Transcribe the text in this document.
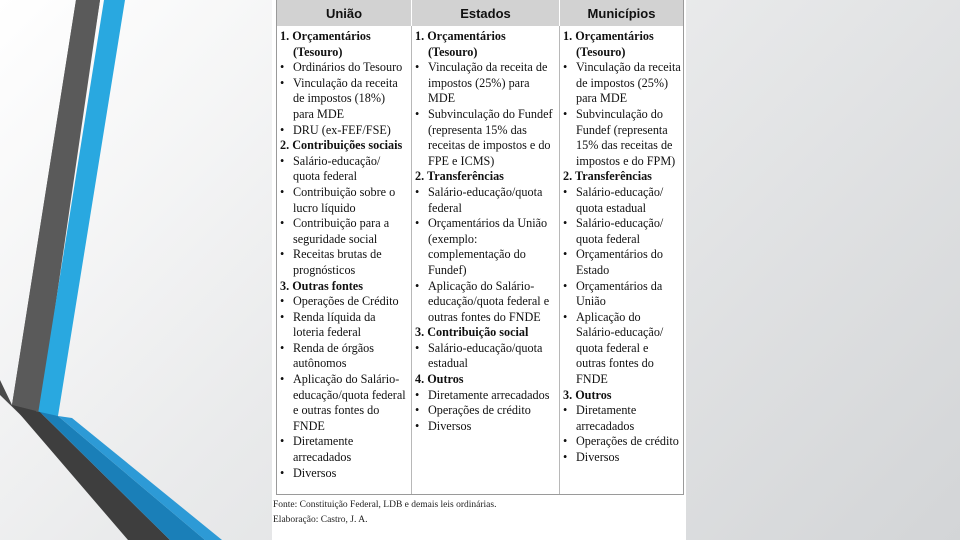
União	Estados	Municípios
1. Orçamentários (Tesouro)
• Ordinários do Tesouro
• Vinculação da receita de impostos (18%) para MDE
• DRU (ex-FEF/FSE)
2. Contribuições sociais
• Salário-educação/ quota federal
• Contribuição sobre o lucro líquido
• Contribuição para a seguridade social
• Receitas brutas de prognósticos
3. Outras fontes
• Operações de Crédito
• Renda líquida da loteria federal
• Renda de órgãos autônomos
• Aplicação do Salário-educação/quota federal e outras fontes do FNDE
• Diretamente arrecadados
• Diversos
1. Orçamentários (Tesouro)
• Vinculação da receita de impostos (25%) para MDE
• Subvinculação do Fundef (representa 15% das receitas de impostos e do FPE e ICMS)
2. Transferências
• Salário-educação/quota federal
• Orçamentários da União (exemplo: complementação do Fundef)
• Aplicação do Salário-educação/quota federal e outras fontes do FNDE
3. Contribuição social
• Salário-educação/quota estadual
4. Outros
• Diretamente arrecadados
• Operações de crédito
• Diversos
1. Orçamentários (Tesouro)
• Vinculação da receita de impostos (25%) para MDE
• Subvinculação do Fundef (representa 15% das receitas de impostos e do FPM)
2. Transferências
• Salário-educação/ quota estadual
• Salário-educação/ quota federal
• Orçamentários do Estado
• Orçamentários da União
• Aplicação do Salário-educação/ quota federal e outras fontes do FNDE
3. Outros
• Diretamente arrecadados
• Operações de crédito
• Diversos
Fonte: Constituição Federal, LDB e demais leis ordinárias.
Elaboração: Castro, J. A.
